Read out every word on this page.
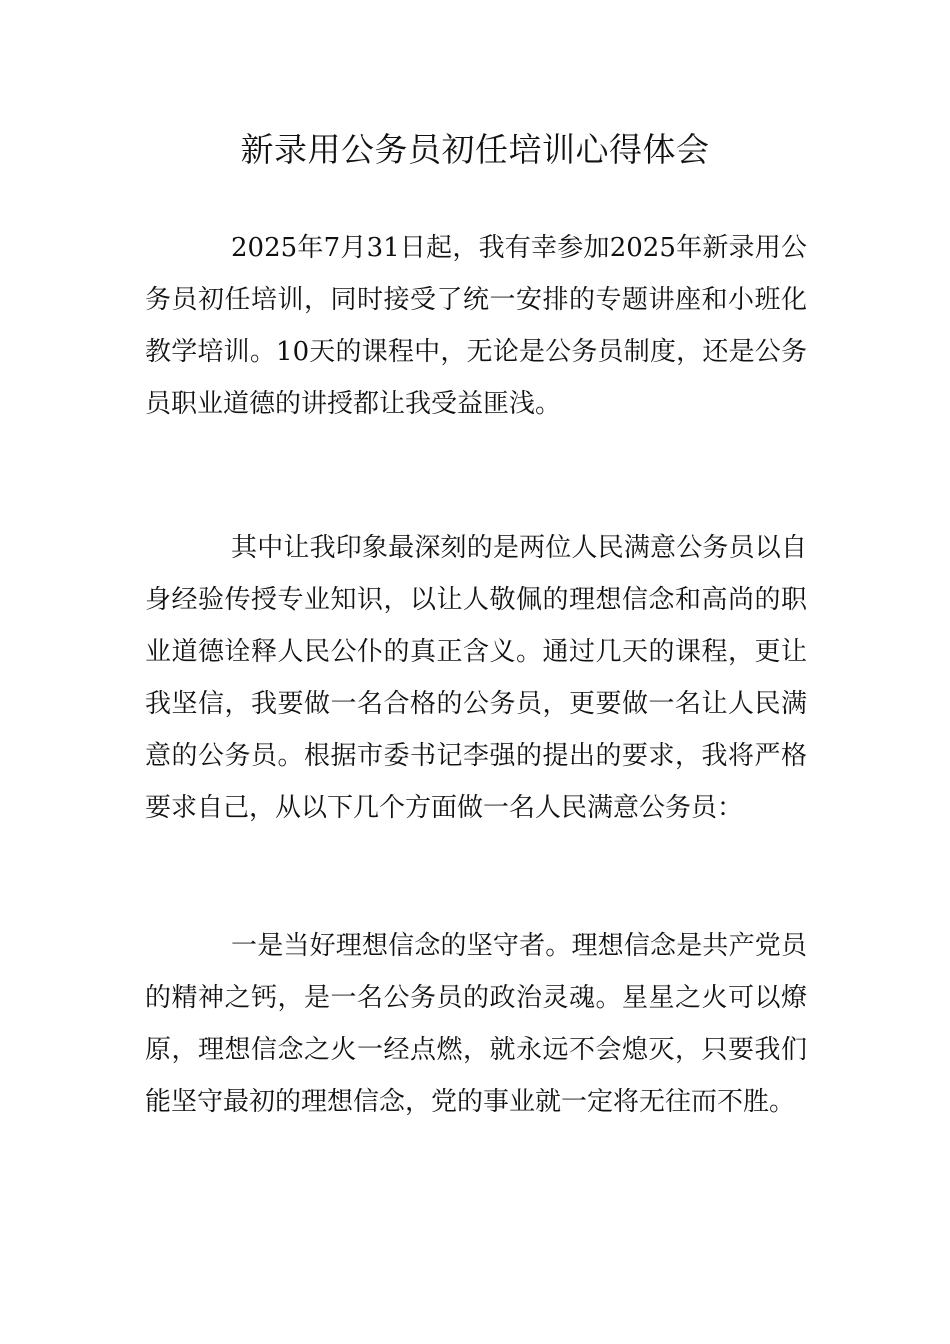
新录用公务员初任培训心得体会

2025年7月31日起，我有幸参加2025年新录用公务员初任培训，同时接受了统一安排的专题讲座和小班化教学培训。10天的课程中，无论是公务员制度，还是公务员职业道德的讲授都让我受益匪浅。

其中让我印象最深刻的是两位人民满意公务员以自身经验传授专业知识，以让人敬佩的理想信念和高尚的职业道德诠释人民公仆的真正含义。通过几天的课程，更让我坚信，我要做一名合格的公务员，更要做一名让人民满意的公务员。根据市委书记李强的提出的要求，我将严格要求自己，从以下几个方面做一名人民满意公务员：

一是当好理想信念的坚守者。理想信念是共产党员的精神之钙，是一名公务员的政治灵魂。星星之火可以燎原，理想信念之火一经点燃，就永远不会熄灭，只要我们能坚守最初的理想信念，党的事业就一定将无往而不胜。
